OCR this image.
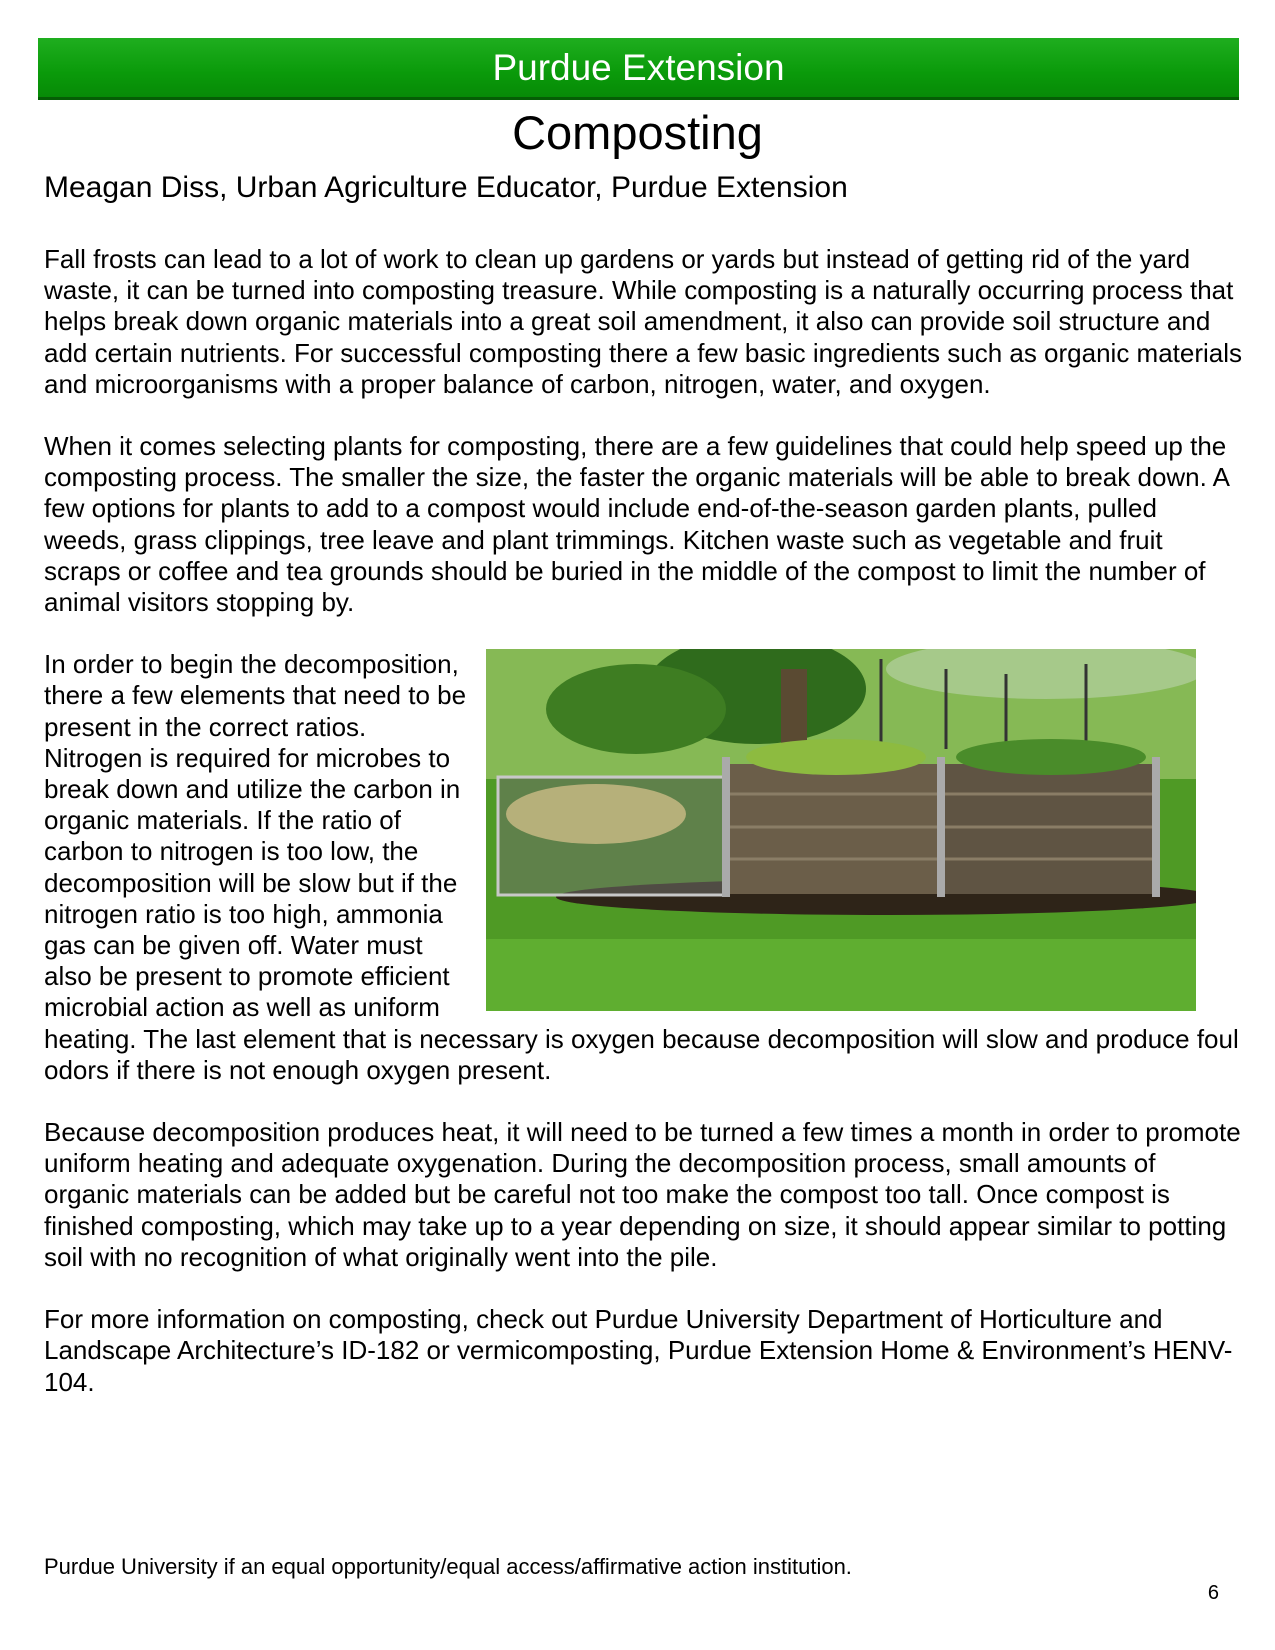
Purdue Extension
Composting
Meagan Diss, Urban Agriculture Educator, Purdue Extension

Fall frosts can lead to a lot of work to clean up gardens or yards but instead of getting rid of the yard waste, it can be turned into composting treasure. While composting is a naturally occurring process that helps break down organic materials into a great soil amendment, it also can provide soil structure and add certain nutrients. For successful composting there a few basic ingredients such as organic materials and microorganisms with a proper balance of carbon, nitrogen, water, and oxygen.

When it comes selecting plants for composting, there are a few guidelines that could help speed up the composting process. The smaller the size, the faster the organic materials will be able to break down. A few options for plants to add to a compost would include end-of-the-season garden plants, pulled weeds, grass clippings, tree leave and plant trimmings. Kitchen waste such as vegetable and fruit scraps or coffee and tea grounds should be buried in the middle of the compost to limit the number of animal visitors stopping by.

In order to begin the decomposition, there a few elements that need to be present in the correct ratios. Nitrogen is required for microbes to break down and utilize the carbon in organic materials. If the ratio of carbon to nitrogen is too low, the decomposition will be slow but if the nitrogen ratio is too high, ammonia gas can be given off. Water must also be present to promote efficient microbial action as well as uniform heating. The last element that is necessary is oxygen because decomposition will slow and produce foul odors if there is not enough oxygen present.

Because decomposition produces heat, it will need to be turned a few times a month in order to promote uniform heating and adequate oxygenation. During the decomposition process, small amounts of organic materials can be added but be careful not too make the compost too tall. Once compost is finished composting, which may take up to a year depending on size, it should appear similar to potting soil with no recognition of what originally went into the pile.

For more information on composting, check out Purdue University Department of Horticulture and Landscape Architecture’s ID-182 or vermicomposting, Purdue Extension Home & Environment’s HENV-104.

Purdue University if an equal opportunity/equal access/affirmative action institution.
6
